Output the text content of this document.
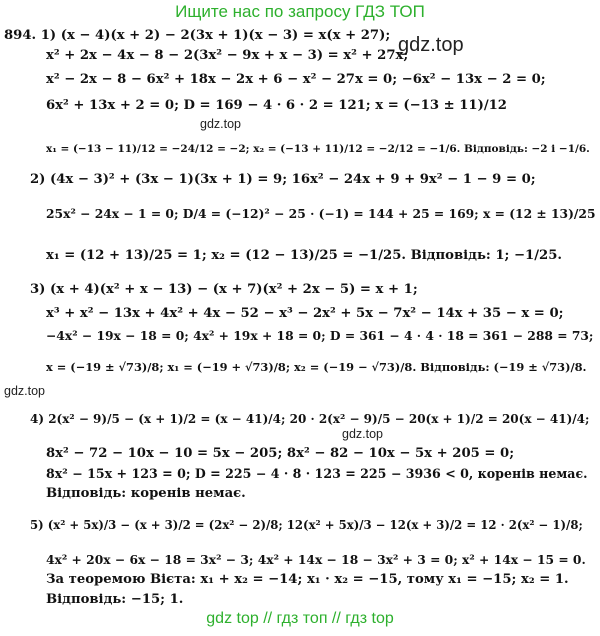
Ищите нас по запросу ГДЗ ТОП
gdz.top
gdz.top
gdz.top
gdz.top
894. 1) (x − 4)(x + 2) − 2(3x + 1)(x − 3) = x(x + 27);
x² + 2x − 4x − 8 − 2(3x² − 9x + x − 3) = x² + 27x;
x² − 2x − 8 − 6x² + 18x − 2x + 6 − x² − 27x = 0; −6x² − 13x − 2 = 0;
6x² + 13x + 2 = 0; D = 169 − 4 · 6 · 2 = 121; x = (−13 ± 11)/12
x₁ = (−13 − 11)/12 = −24/12 = −2; x₂ = (−13 + 11)/12 = −2/12 = −1/6. Відповідь: −2 і −1/6.
2) (4x − 3)² + (3x − 1)(3x + 1) = 9; 16x² − 24x + 9 + 9x² − 1 − 9 = 0;
25x² − 24x − 1 = 0; D/4 = (−12)² − 25 · (−1) = 144 + 25 = 169; x = (12 ± 13)/25
x₁ = (12 + 13)/25 = 1; x₂ = (12 − 13)/25 = −1/25. Відповідь: 1; −1/25.
3) (x + 4)(x² + x − 13) − (x + 7)(x² + 2x − 5) = x + 1;
x³ + x² − 13x + 4x² + 4x − 52 − x³ − 2x² + 5x − 7x² − 14x + 35 − x = 0;
−4x² − 19x − 18 = 0; 4x² + 19x + 18 = 0; D = 361 − 4 · 4 · 18 = 361 − 288 = 73;
x = (−19 ± √73)/8; x₁ = (−19 + √73)/8; x₂ = (−19 − √73)/8. Відповідь: (−19 ± √73)/8.
4) 2(x² − 9)/5 − (x + 1)/2 = (x − 41)/4; 20 · 2(x² − 9)/5 − 20(x + 1)/2 = 20(x − 41)/4;
8x² − 72 − 10x − 10 = 5x − 205; 8x² − 82 − 10x − 5x + 205 = 0;
8x² − 15x + 123 = 0; D = 225 − 4 · 8 · 123 = 225 − 3936 < 0, коренів немає.
Відповідь: коренів немає.
5) (x² + 5x)/3 − (x + 3)/2 = (2x² − 2)/8; 12(x² + 5x)/3 − 12(x + 3)/2 = 12 · 2(x² − 1)/8;
4x² + 20x − 6x − 18 = 3x² − 3; 4x² + 14x − 18 − 3x² + 3 = 0; x² + 14x − 15 = 0.
За теоремою Вієта: x₁ + x₂ = −14; x₁ · x₂ = −15, тому x₁ = −15; x₂ = 1.
Відповідь: −15; 1.
gdz top // гдз топ // гдз top
